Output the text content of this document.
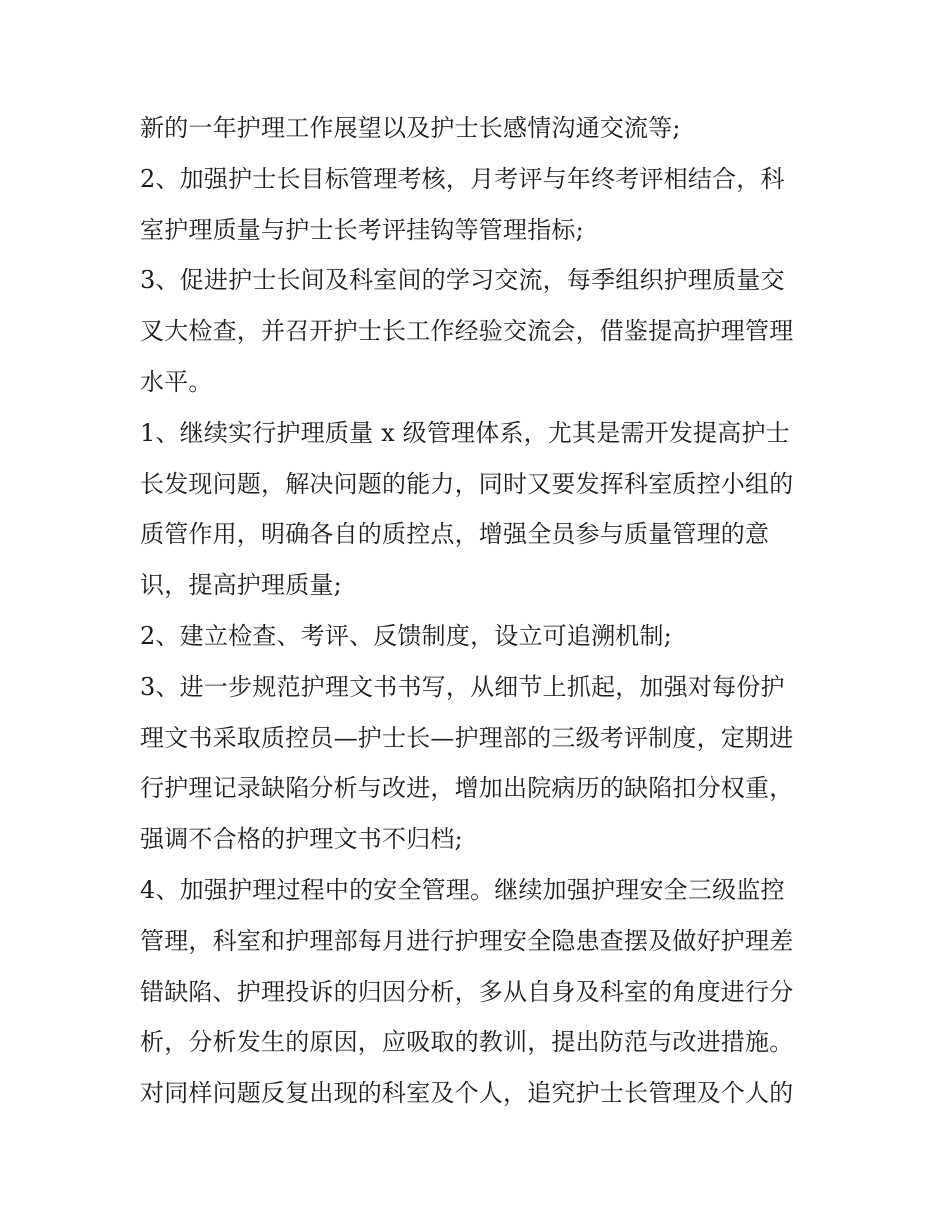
新的一年护理工作展望以及护士长感情沟通交流等;
2、加强护士长目标管理考核，月考评与年终考评相结合，科
室护理质量与护士长考评挂钩等管理指标;
3、促进护士长间及科室间的学习交流，每季组织护理质量交
叉大检查，并召开护士长工作经验交流会，借鉴提高护理管理
水平。
1、继续实行护理质量 x 级管理体系，尤其是需开发提高护士
长发现问题，解决问题的能力，同时又要发挥科室质控小组的
质管作用，明确各自的质控点，增强全员参与质量管理的意
识，提高护理质量;
2、建立检查、考评、反馈制度，设立可追溯机制;
3、进一步规范护理文书书写，从细节上抓起，加强对每份护
理文书采取质控员—护士长—护理部的三级考评制度，定期进
行护理记录缺陷分析与改进，增加出院病历的缺陷扣分权重，
强调不合格的护理文书不归档;
4、加强护理过程中的安全管理。继续加强护理安全三级监控
管理，科室和护理部每月进行护理安全隐患查摆及做好护理差
错缺陷、护理投诉的归因分析，多从自身及科室的角度进行分
析，分析发生的原因，应吸取的教训，提出防范与改进措施。
对同样问题反复出现的科室及个人，追究护士长管理及个人的
